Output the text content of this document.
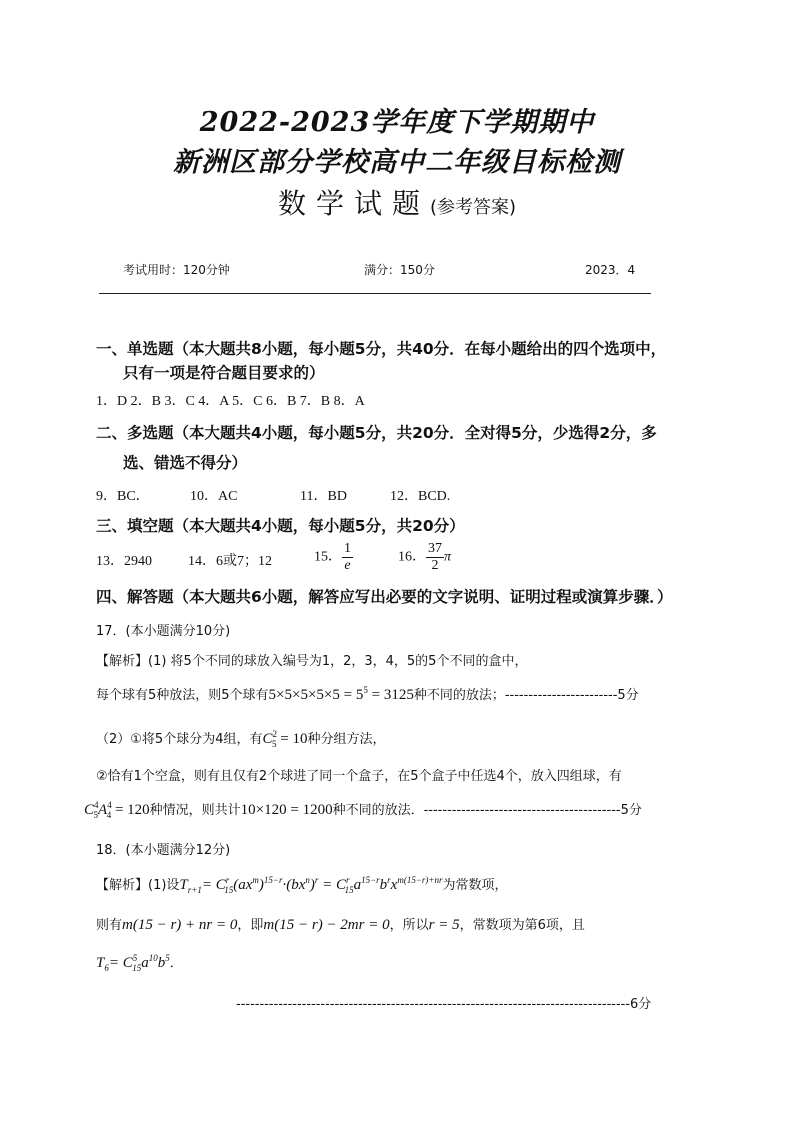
2022-2023学年度下学期期中
新洲区部分学校高中二年级目标检测
数学试题(参考答案)
考试用时：120分钟	满分：150分	2023．4
一、单选题（本大题共8小题，每小题5分，共40分．在每小题给出的四个选项中，
只有一项是符合题目要求的）
1．D 2．B 3．C 4．A 5．C 6．B 7．B 8．A
二、多选题（本大题共4小题，每小题5分，共20分．全对得5分，少选得2分，多
选、错选不得分）
9．BC．	10．AC	11．BD	12．BCD.
三、填空题（本大题共4小题，每小题5分，共20分）
13．2940	14．6或7；12	15． $\frac{1}{e}$	16． $\frac{37}{2}$ π
四、解答题（本大题共6小题，解答应写出必要的文字说明、证明过程或演算步骤．）
17．(本小题满分10分)
【解析】(1) 将5个不同的球放入编号为1，2，3，4，5的5个不同的盒中，
每个球有5种放法，则5个球有$5\times 5\times 5\times 5\times 5 = 5^5 = 3125$种不同的放法；------------------------5分
（2）①将5个球分为4组，有$C^2_5 = 10$种分组方法，
②恰有1个空盒，则有且仅有2个球进了同一个盒子，在5个盒子中任选4个，放入四组球，有
$C^4_5A^4_4 = 120$种情况，则共计10×120 = 1200种不同的放法．------------------------------------------5分
18．(本小题满分12分)
【解析】(1)设$T_{r+1}= C^r_{15}(ax^m)^{15-r}\cdot(bx^n)^r = C^r_{15}a^{15-r}b^rx^{m(15-r)+nr}$为常数项，
则有m(15 − r) + nr = 0，即m(15 − r) − 2mr = 0，所以r = 5，常数项为第6项，且
$T_6= C^5_{15}a^{10}b^5$．
------------------------------------------------------------------------------------6分
